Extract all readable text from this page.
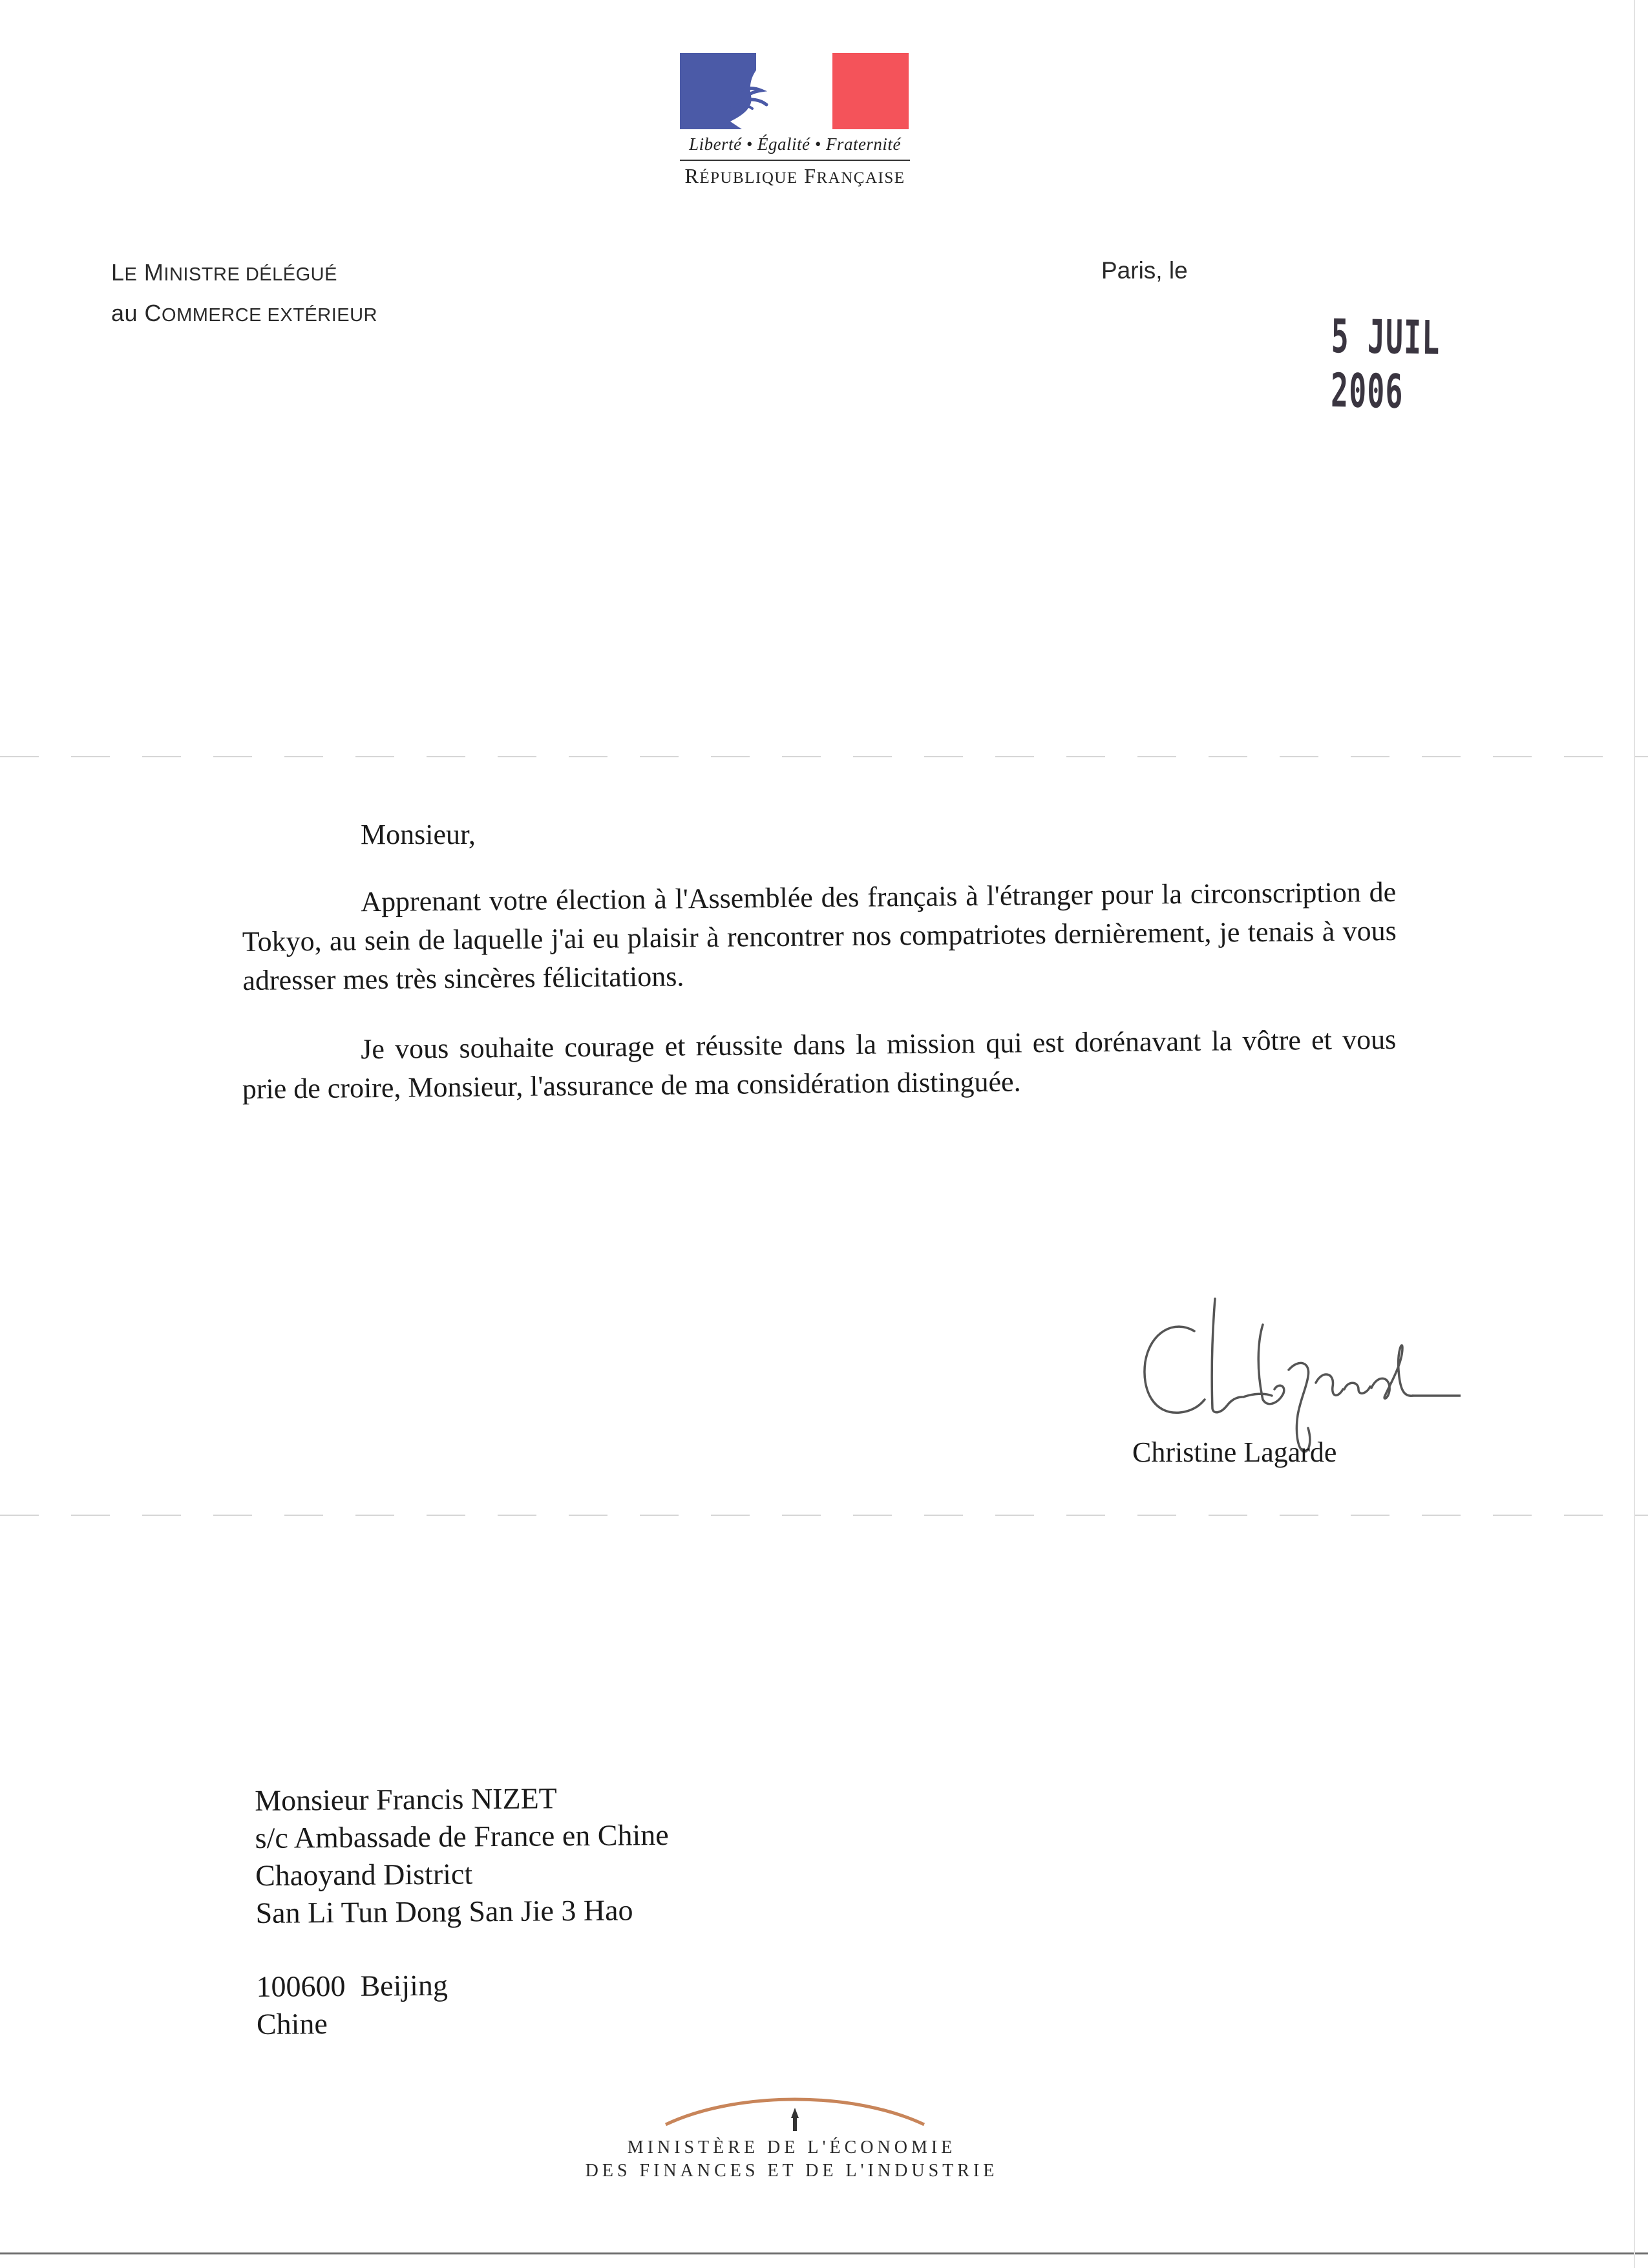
Liberté • Égalité • Fraternité
RÉPUBLIQUE FRANÇAISE
LE MINISTRE DÉLÉGUÉ
au COMMERCE EXTÉRIEUR
Paris, le
5 JUIL 2006
Monsieur,

Apprenant votre élection à l'Assemblée des français à l'étranger pour la circonscription de Tokyo, au sein de laquelle j'ai eu plaisir à rencontrer nos compatriotes dernièrement, je tenais à vous adresser mes très sincères félicitations.

Je vous souhaite courage et réussite dans la mission qui est dorénavant la vôtre et vous prie de croire, Monsieur, l'assurance de ma considération distinguée.

Christine Lagarde

Monsieur Francis NIZET

s/c Ambassade de France en Chine

Chaoyand District

San Li Tun Dong San Jie 3 Hao

100600  Beijing

Chine

MINISTÈRE DE L'ÉCONOMIE

DES FINANCES ET DE L'INDUSTRIE
